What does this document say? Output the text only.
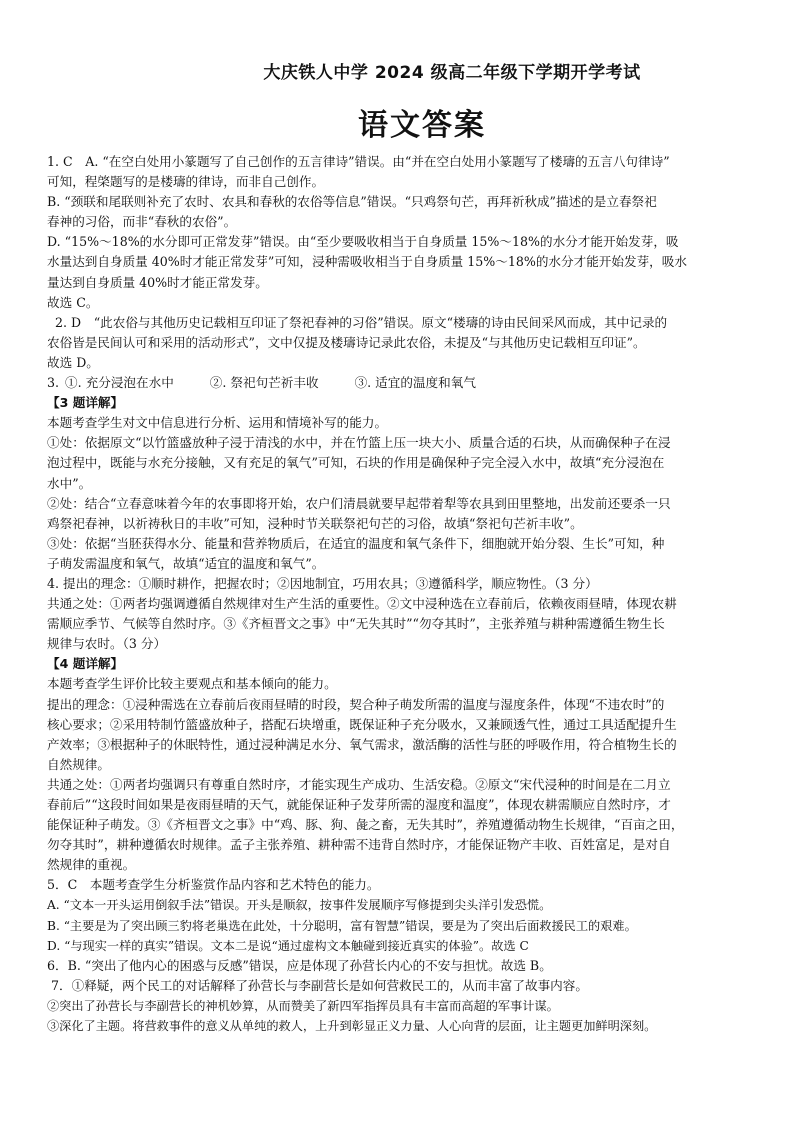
大庆铁人中学 2024 级高二年级下学期开学考试
语文答案

1. C　A. “在空白处用小篆题写了自己创作的五言律诗”错误。由“并在空白处用小篆题写了楼璹的五言八句律诗”

可知，程棨题写的是楼璹的律诗，而非自己创作。

B. “颈联和尾联则补充了农时、农具和春秋的农俗等信息”错误。“只鸡祭句芒，再拜祈秋成”描述的是立春祭祀

春神的习俗，而非“春秋的农俗”。

D. “15%～18%的水分即可正常发芽”错误。由“至少要吸收相当于自身质量 15%～18%的水分才能开始发芽，吸

水量达到自身质量 40%时才能正常发芽”可知，浸种需吸收相当于自身质量 15%～18%的水分才能开始发芽，吸水

量达到自身质量 40%时才能正常发芽。

故选 C。

2. D　“此农俗与其他历史记载相互印证了祭祀春神的习俗”错误。原文“楼璹的诗由民间采风而成，其中记录的

农俗皆是民间认可和采用的活动形式”，文中仅提及楼璹诗记录此农俗，未提及“与其他历史记载相互印证”。

故选 D。

3. ①. 充分浸泡在水中	②. 祭祀句芒祈丰收	③. 适宜的温度和氧气

【3 题详解】

本题考查学生对文中信息进行分析、运用和情境补写的能力。

①处：依据原文“以竹篮盛放种子浸于清浅的水中，并在竹篮上压一块大小、质量合适的石块，从而确保种子在浸

泡过程中，既能与水充分接触，又有充足的氧气”可知，石块的作用是确保种子完全浸入水中，故填“充分浸泡在

水中”。

②处：结合“立春意味着今年的农事即将开始，农户们清晨就要早起带着犁等农具到田里整地，出发前还要杀一只

鸡祭祀春神，以祈祷秋日的丰收”可知，浸种时节关联祭祀句芒的习俗，故填“祭祀句芒祈丰收”。

③处：依据“当胚获得水分、能量和营养物质后，在适宜的温度和氧气条件下，细胞就开始分裂、生长”可知，种

子萌发需温度和氧气，故填“适宜的温度和氧气”。

4. 提出的理念：①顺时耕作，把握农时；②因地制宜，巧用农具；③遵循科学，顺应物性。（3 分）

共通之处：①两者均强调遵循自然规律对生产生活的重要性。②文中浸种选在立春前后，依赖夜雨昼晴，体现农耕

需顺应季节、气候等自然时序。③《齐桓晋文之事》中“无失其时”“勿夺其时”，主张养殖与耕种需遵循生物生长

规律与农时。（3 分）

【4 题详解】

本题考查学生评价比较主要观点和基本倾向的能力。

提出的理念：①浸种需选在立春前后夜雨昼晴的时段，契合种子萌发所需的温度与湿度条件，体现“不违农时”的

核心要求；②采用特制竹篮盛放种子，搭配石块增重，既保证种子充分吸水，又兼顾透气性，通过工具适配提升生

产效率；③根据种子的休眠特性，通过浸种满足水分、氧气需求，激活酶的活性与胚的呼吸作用，符合植物生长的

自然规律。

共通之处：①两者均强调只有尊重自然时序，才能实现生产成功、生活安稳。②原文“宋代浸种的时间是在二月立

春前后”“这段时间如果是夜雨昼晴的天气，就能保证种子发芽所需的湿度和温度”，体现农耕需顺应自然时序，才

能保证种子萌发。③《齐桓晋文之事》中“鸡、豚、狗、彘之畜，无失其时”，养殖遵循动物生长规律，“百亩之田，

勿夺其时”，耕种遵循农时规律。孟子主张养殖、耕种需不违背自然时序，才能保证物产丰收、百姓富足，是对自

然规律的重视。

5．C　本题考查学生分析鉴赏作品内容和艺术特色的能力。

A. “文本一开头运用倒叙手法”错误。开头是顺叙，按事件发展顺序写修提到尖头洋引发恐慌。

B. “主要是为了突出顾三豹将老巢选在此处，十分聪明，富有智慧”错误，要是为了突出后面救援民工的艰难。

D. “与现实一样的真实”错误。文本二是说“通过虚构文本触碰到接近真实的体验”。故选 C

6．B. “突出了他内心的困惑与反感”错误，应是体现了孙营长内心的不安与担忧。故选 B。

7．①释疑，两个民工的对话解释了孙营长与李副营长是如何营救民工的，从而丰富了故事内容。

②突出了孙营长与李副营长的神机妙算，从而赞美了新四军指挥员具有丰富而高超的军事计谋。

③深化了主题。将营救事件的意义从单纯的救人，上升到彰显正义力量、人心向背的层面，让主题更加鲜明深刻。
